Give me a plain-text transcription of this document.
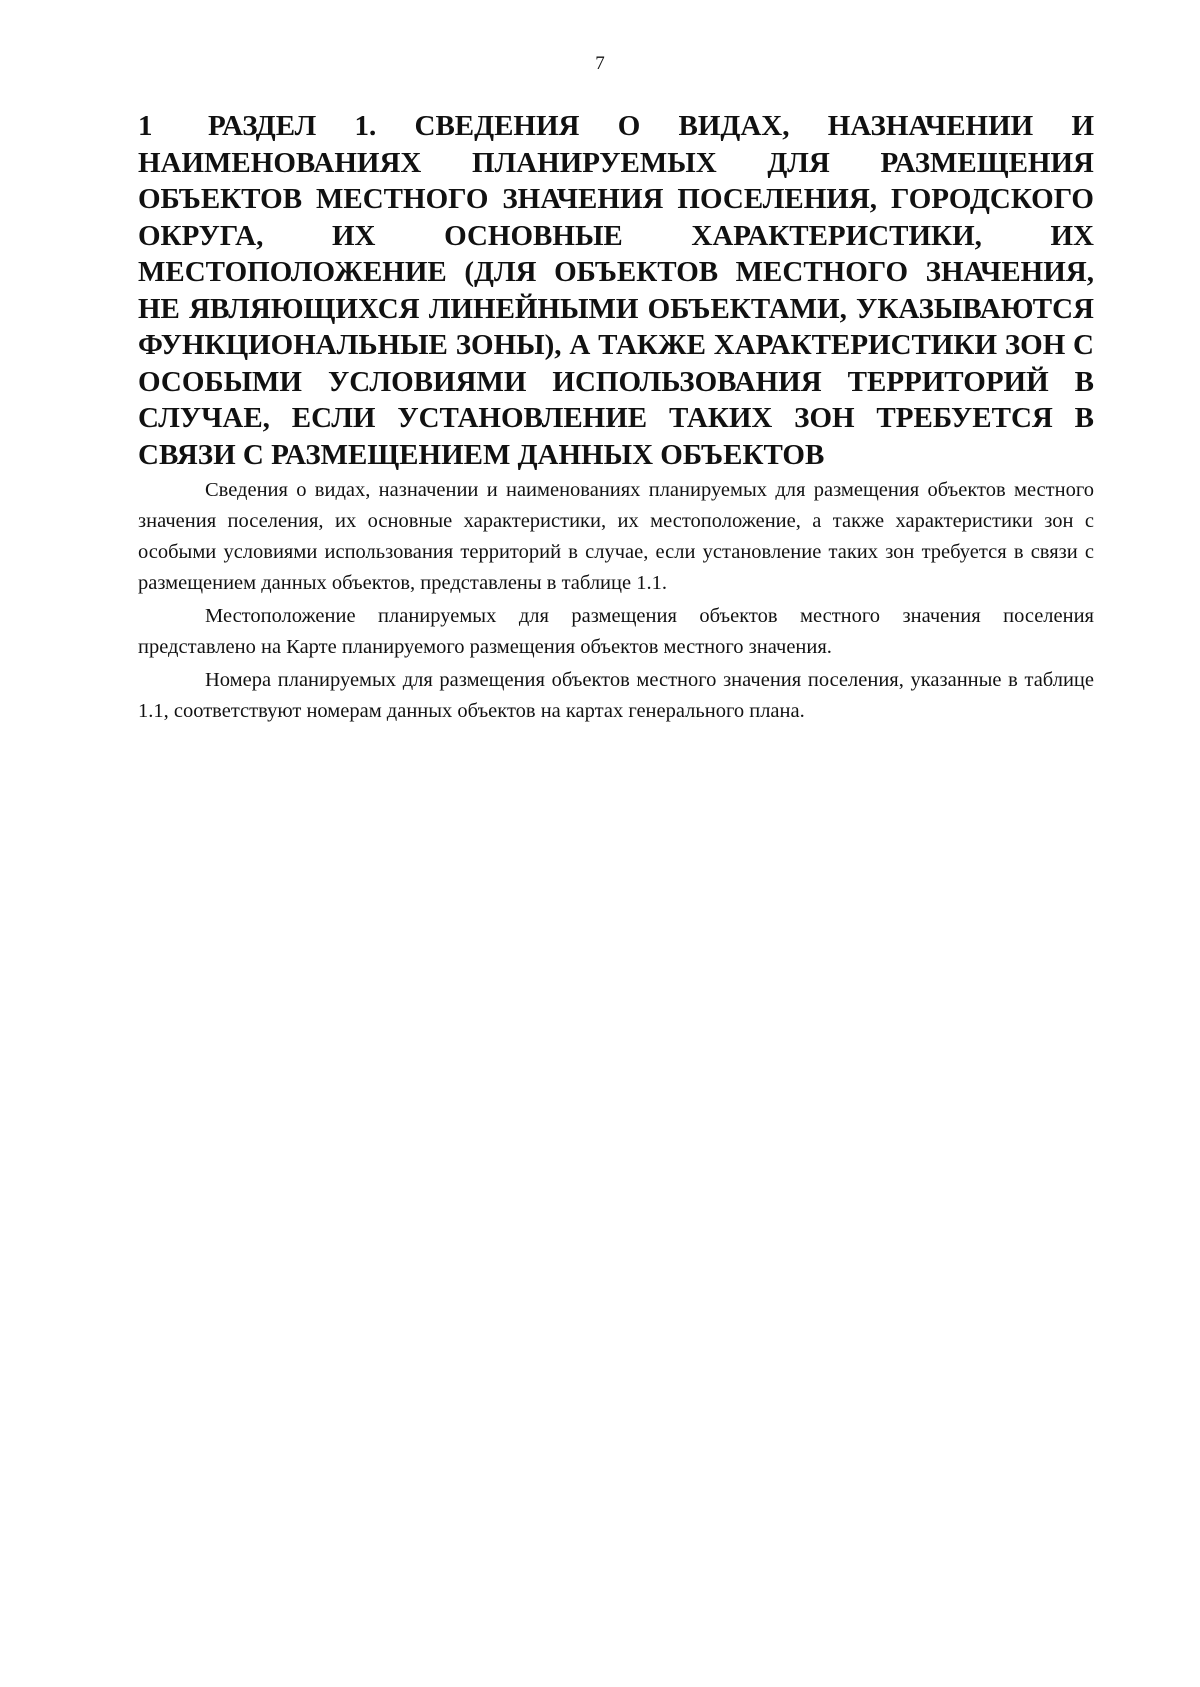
7
1 РАЗДЕЛ 1. СВЕДЕНИЯ О ВИДАХ, НАЗНАЧЕНИИ И НАИМЕНОВАНИЯХ ПЛАНИРУЕМЫХ ДЛЯ РАЗМЕЩЕНИЯ ОБЪЕКТОВ МЕСТНОГО ЗНАЧЕНИЯ ПОСЕЛЕНИЯ, ГОРОДСКОГО ОКРУГА, ИХ ОСНОВНЫЕ ХАРАКТЕРИСТИКИ, ИХ МЕСТОПОЛОЖЕНИЕ (ДЛЯ ОБЪЕКТОВ МЕСТНОГО ЗНАЧЕНИЯ, НЕ ЯВЛЯЮЩИХСЯ ЛИНЕЙНЫМИ ОБЪЕКТАМИ, УКАЗЫВАЮТСЯ ФУНКЦИОНАЛЬНЫЕ ЗОНЫ), А ТАКЖЕ ХАРАКТЕРИСТИКИ ЗОН С ОСОБЫМИ УСЛОВИЯМИ ИСПОЛЬЗОВАНИЯ ТЕРРИТОРИЙ В СЛУЧАЕ, ЕСЛИ УСТАНОВЛЕНИЕ ТАКИХ ЗОН ТРЕБУЕТСЯ В СВЯЗИ С РАЗМЕЩЕНИЕМ ДАННЫХ ОБЪЕКТОВ

Сведения о видах, назначении и наименованиях планируемых для размещения объектов местного значения поселения, их основные характеристики, их местоположение, а также характеристики зон с особыми условиями использования территорий в случае, если установление таких зон требуется в связи с размещением данных объектов, представлены в таблице 1.1.

Местоположение планируемых для размещения объектов местного значения поселения представлено на Карте планируемого размещения объектов местного значения.

Номера планируемых для размещения объектов местного значения поселения, указанные в таблице 1.1, соответствуют номерам данных объектов на картах генерального плана.
